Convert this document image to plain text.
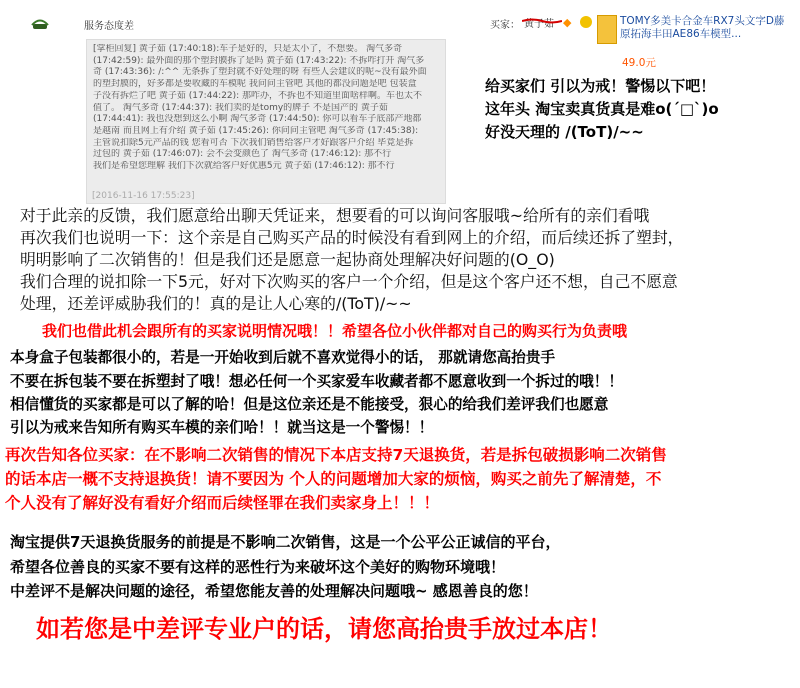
服务态度差	买家： 黄子茹 ◆	TOMY多美卡合金车RX7头文字D藤原拓海丰田AE86车模型...
49.0元
[掌柜回复] 黄子茹 (17:40:18):车子是好的，只是太小了，不想要。 淘气多奇
(17:42:59): 最外面的那个塑封膜拆了是吗 黄子茹 (17:43:22): 不拆咋打开 淘气多
奇 (17:43:36): /:^^ 无条拆了塑封就不好处理的呀 有些人会建议的呢~没有最外面
的塑封膜的，好多都是要收藏的车模呢 我问问主管吧 其他的都没问题是吧 包装盒
子没有拆烂了吧 黄子茹 (17:44:22): 那咋办，不拆也不知道里面啥样啊。车也太不
值了。 淘气多奇 (17:44:37): 我们卖的是tomy的牌子 不是国产的 黄子茹
(17:44:41): 我也没想到这么小啊 淘气多奇 (17:44:50): 你可以看车子底部产地都
是越南 而且网上有介绍 黄子茹 (17:45:26): 你问问主管吧 淘气多奇 (17:45:38):
主管说扣除5元产品的钱 您看可否 下次我们销售给客户才好跟客户介绍 毕竟是拆
过包的 黄子茹 (17:46:07): 会不会变颜色了 淘气多奇 (17:46:12): 那不行
我们是希望您理解 我们下次就给客户好优惠5元 黄子茹 (17:46:12): 那不行
[2016-11-16 17:55:23]
给买家们 引以为戒！警惕以下吧！
这年头 淘宝卖真货真是难o(ˊ□ˋ)o
好没天理的 /(ToT)/~~
对于此亲的反馈，我们愿意给出聊天凭证来，想要看的可以询问客服哦~给所有的亲们看哦
再次我们也说明一下：这个亲是自己购买产品的时候没有看到网上的介绍，而后续还拆了塑封，
明明影响了二次销售的！但是我们还是愿意一起协商处理解决好问题的(O_O)
我们合理的说扣除一下5元，好对下次购买的客户一个介绍，但是这个客户还不想，自己不愿意
处理，还差评威胁我们的！真的是让人心寒的/(ToT)/~~
我们也借此机会跟所有的买家说明情况哦！！希望各位小伙伴都对自己的购买行为负责哦
本身盒子包装都很小的，若是一开始收到后就不喜欢觉得小的话， 那就请您高抬贵手
不要在拆包装不要在拆塑封了哦！想必任何一个买家爱车收藏者都不愿意收到一个拆过的哦！！
相信懂货的买家都是可以了解的哈！但是这位亲还是不能接受，狠心的给我们差评我们也愿意
引以为戒来告知所有购买车模的亲们哈！！就当这是一个警惕！！
再次告知各位买家：在不影响二次销售的情况下本店支持7天退换货，若是拆包破损影响二次销售
的话本店一概不支持退换货！请不要因为 个人的问题增加大家的烦恼，购买之前先了解清楚，不
个人没有了解好没有看好介绍而后续怪罪在我们卖家身上！！！
淘宝提供7天退换货服务的前提是不影响二次销售，这是一个公平公正诚信的平台，
希望各位善良的买家不要有这样的恶性行为来破坏这个美好的购物环境哦！
中差评不是解决问题的途径，希望您能友善的处理解决问题哦~ 感恩善良的您！
如若您是中差评专业户的话，请您高抬贵手放过本店！
